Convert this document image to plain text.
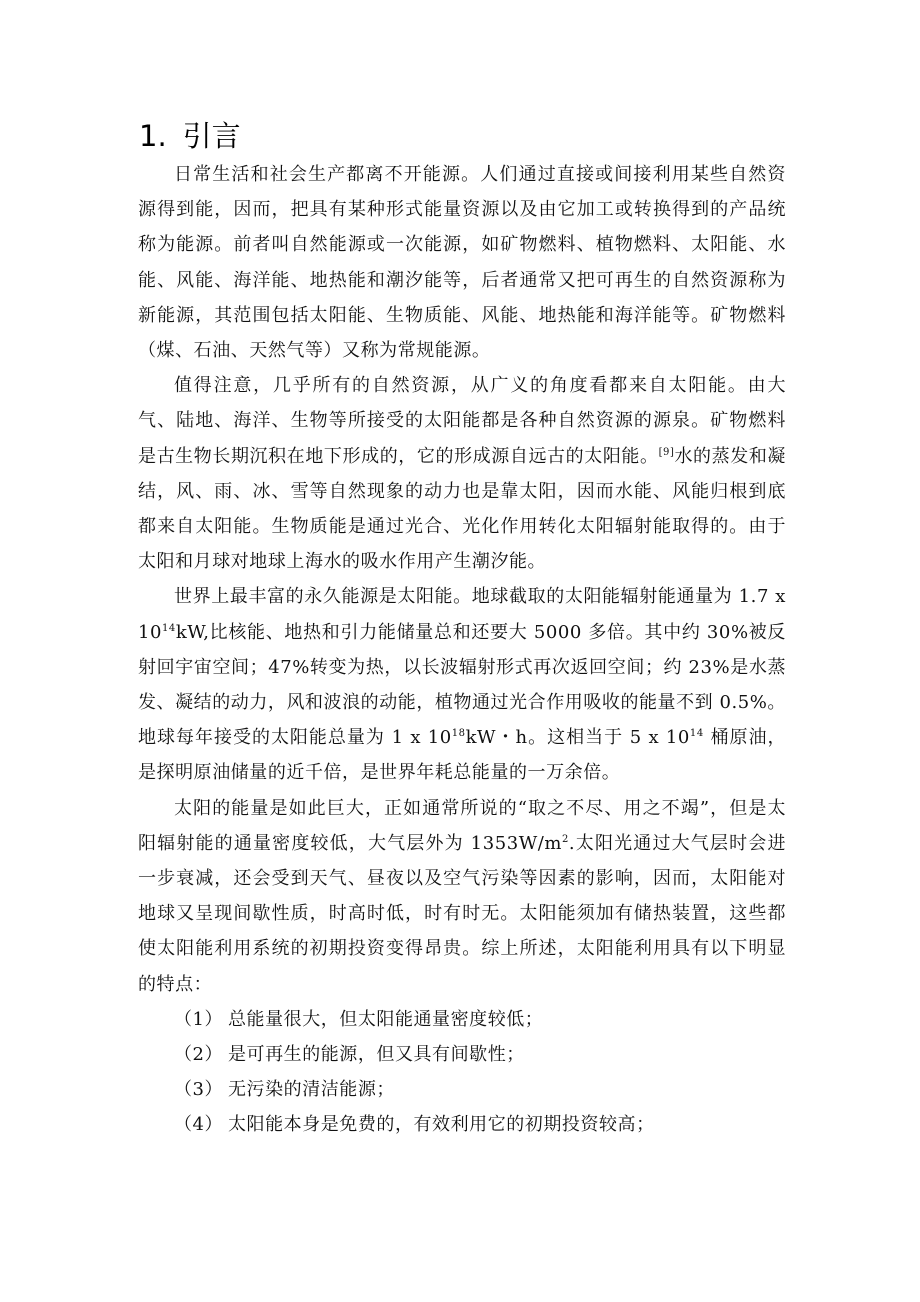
1. 引言

日常生活和社会生产都离不开能源。人们通过直接或间接利用某些自然资源得到能，因而，把具有某种形式能量资源以及由它加工或转换得到的产品统称为能源。前者叫自然能源或一次能源，如矿物燃料、植物燃料、太阳能、水能、风能、海洋能、地热能和潮汐能等，后者通常又把可再生的自然资源称为新能源，其范围包括太阳能、生物质能、风能、地热能和海洋能等。矿物燃料（煤、石油、天然气等）又称为常规能源。

值得注意，几乎所有的自然资源，从广义的角度看都来自太阳能。由大气、陆地、海洋、生物等所接受的太阳能都是各种自然资源的源泉。矿物燃料是古生物长期沉积在地下形成的，它的形成源自远古的太阳能。[9]水的蒸发和凝结，风、雨、冰、雪等自然现象的动力也是靠太阳，因而水能、风能归根到底都来自太阳能。生物质能是通过光合、光化作用转化太阳辐射能取得的。由于太阳和月球对地球上海水的吸水作用产生潮汐能。

世界上最丰富的永久能源是太阳能。地球截取的太阳能辐射能通量为 1.7 x $10^{14}kW$,比核能、地热和引力能储量总和还要大 5000 多倍。其中约 30%被反射回宇宙空间；47%转变为热，以长波辐射形式再次返回空间；约 23%是水蒸发、凝结的动力，风和波浪的动能，植物通过光合作用吸收的能量不到 0.5%。地球每年接受的太阳能总量为 1 x $10^{18}kW$・h。这相当于 5 x $10^{14}$ 桶原油，是探明原油储量的近千倍，是世界年耗总能量的一万余倍。

太阳的能量是如此巨大，正如通常所说的“取之不尽、用之不竭”，但是太阳辐射能的通量密度较低，大气层外为 $1353W/m^2$.太阳光通过大气层时会进一步衰减，还会受到天气、昼夜以及空气污染等因素的影响，因而，太阳能对地球又呈现间歇性质，时高时低，时有时无。太阳能须加有储热装置，这些都使太阳能利用系统的初期投资变得昂贵。综上所述，太阳能利用具有以下明显的特点：

（1） 总能量很大，但太阳能通量密度较低；
（2） 是可再生的能源，但又具有间歇性；
（3） 无污染的清洁能源；
（4） 太阳能本身是免费的，有效利用它的初期投资较高；
